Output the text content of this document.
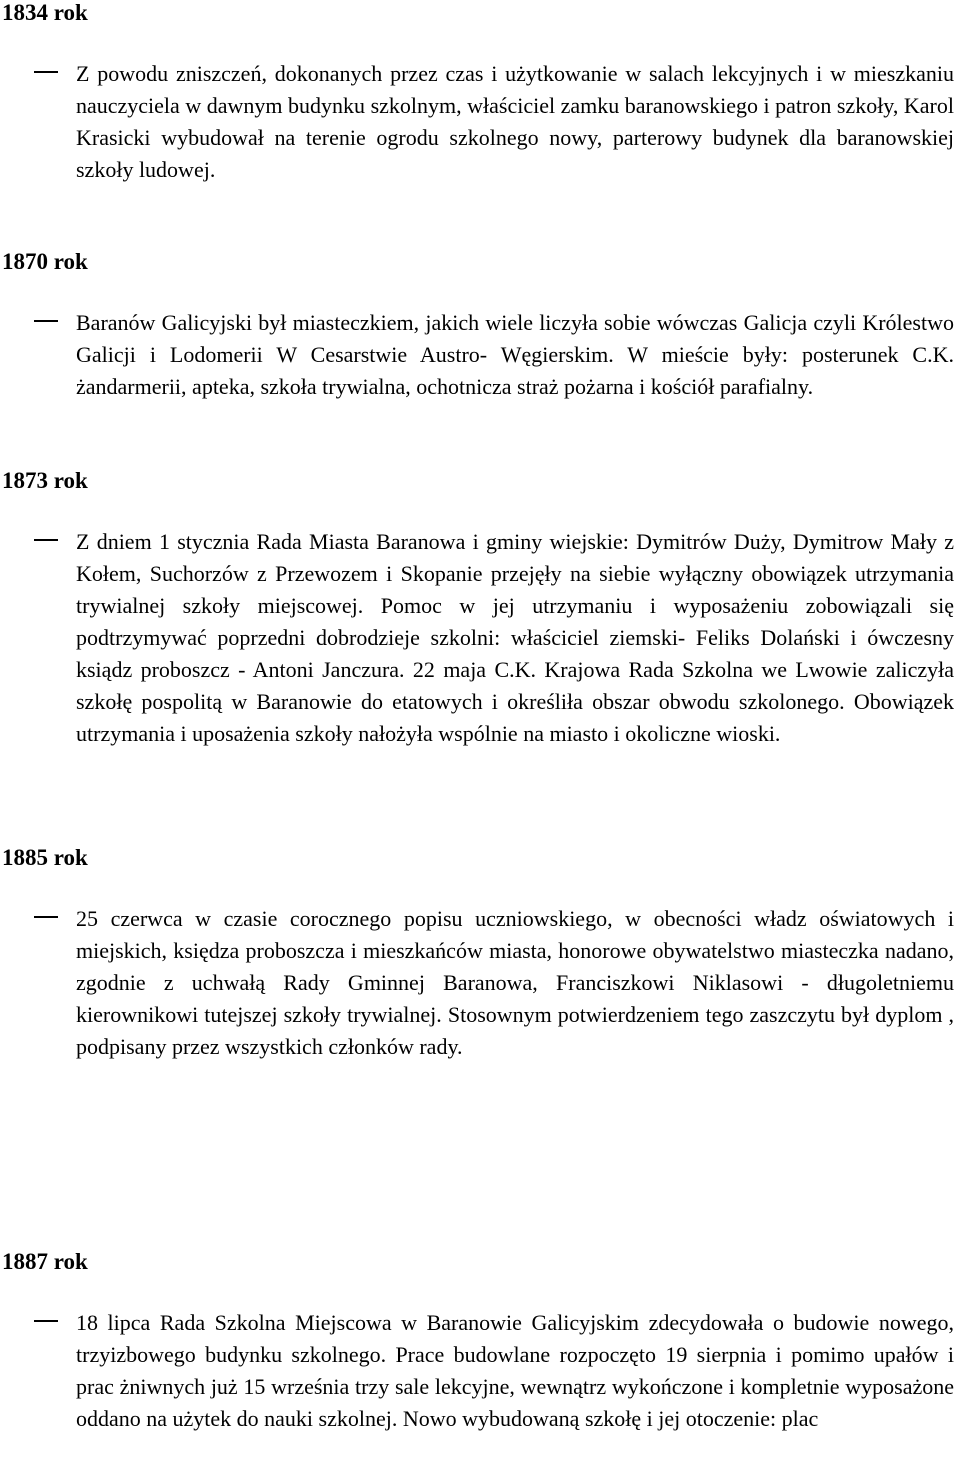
1834 rok

Z powodu zniszczeń, dokonanych przez czas i użytkowanie w salach lekcyjnych i w mieszkaniu nauczyciela w dawnym budynku szkolnym, właściciel zamku baranowskiego i patron szkoły, Karol Krasicki wybudował na terenie ogrodu szkolnego nowy, parterowy budynek dla baranowskiej szkoły ludowej.

1870 rok

Baranów Galicyjski był miasteczkiem, jakich wiele liczyła sobie wówczas Galicja czyli Królestwo Galicji i Lodomerii W Cesarstwie Austro- Węgierskim. W mieście były: posterunek C.K. żandarmerii, apteka, szkoła trywialna, ochotnicza straż pożarna i kościół parafialny.

1873 rok

Z dniem 1 stycznia Rada Miasta Baranowa i gminy wiejskie: Dymitrów Duży, Dymitrow Mały z Kołem, Suchorzów z Przewozem i Skopanie przejęły na siebie wyłączny obowiązek utrzymania trywialnej szkoły miejscowej. Pomoc w jej utrzymaniu i wyposażeniu zobowiązali się podtrzymywać poprzedni dobrodzieje szkolni: właściciel ziemski- Feliks Dolański i ówczesny ksiądz proboszcz - Antoni Janczura. 22 maja C.K. Krajowa Rada Szkolna we Lwowie zaliczyła szkołę pospolitą w Baranowie do etatowych i określiła obszar obwodu szkolonego. Obowiązek utrzymania i uposażenia szkoły nałożyła wspólnie na miasto i okoliczne wioski.

1885 rok

25 czerwca w czasie corocznego popisu uczniowskiego, w obecności władz oświatowych i miejskich, księdza proboszcza i mieszkańców miasta, honorowe obywatelstwo miasteczka nadano, zgodnie z uchwałą Rady Gminnej Baranowa, Franciszkowi Niklasowi - długoletniemu kierownikowi tutejszej szkoły trywialnej. Stosownym potwierdzeniem tego zaszczytu był dyplom , podpisany przez wszystkich członków rady.

1887 rok

18 lipca Rada Szkolna Miejscowa w Baranowie Galicyjskim zdecydowała o budowie nowego, trzyizbowego budynku szkolnego. Prace budowlane rozpoczęto 19 sierpnia i pomimo upałów i prac żniwnych już 15 września trzy sale lekcyjne, wewnątrz wykończone i kompletnie wyposażone oddano na użytek do nauki szkolnej. Nowo wybudowaną szkołę i jej otoczenie: plac
